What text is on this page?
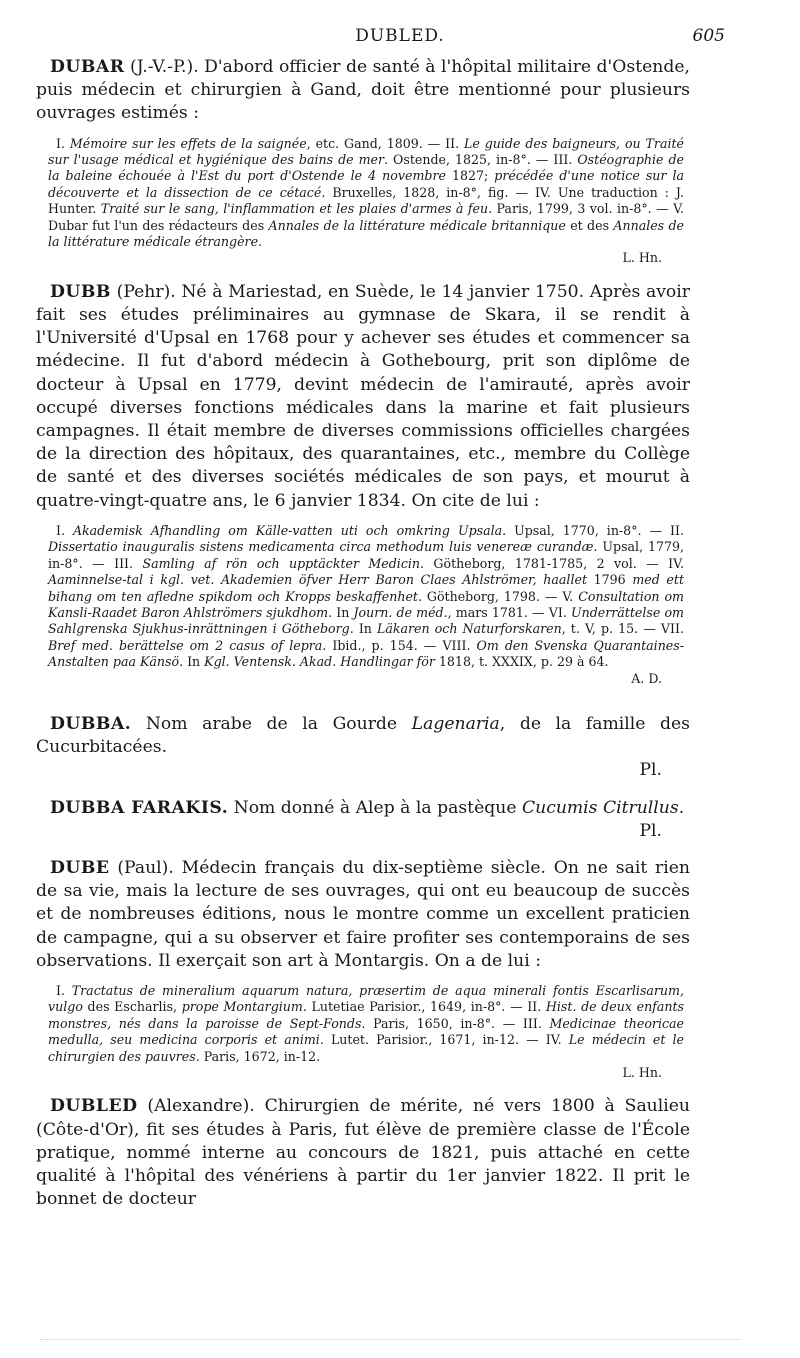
DUBLED.	605

DUBAR (J.-V.-P.). D'abord officier de santé à l'hôpital militaire d'Ostende, puis médecin et chirurgien à Gand, doit être mentionné pour plusieurs ouvrages estimés :

I. Mémoire sur les effets de la saignée, etc. Gand, 1809. — II. Le guide des baigneurs, ou Traité sur l'usage médical et hygiénique des bains de mer. Ostende, 1825, in-8°. — III. Ostéographie de la baleine échouée à l'Est du port d'Ostende le 4 novembre 1827; précédée d'une notice sur la découverte et la dissection de ce cétacé. Bruxelles, 1828, in-8°, fig. — IV. Une traduction : J. Hunter. Traité sur le sang, l'inflammation et les plaies d'armes à feu. Paris, 1799, 3 vol. in-8°. — V. Dubar fut l'un des rédacteurs des Annales de la littérature médicale britannique et des Annales de la littérature médicale étrangère.

L. Hn.

DUBB (Pehr). Né à Mariestad, en Suède, le 14 janvier 1750. Après avoir fait ses études préliminaires au gymnase de Skara, il se rendit à l'Université d'Upsal en 1768 pour y achever ses études et commencer sa médecine. Il fut d'abord médecin à Gothebourg, prit son diplôme de docteur à Upsal en 1779, devint médecin de l'amirauté, après avoir occupé diverses fonctions médicales dans la marine et fait plusieurs campagnes. Il était membre de diverses commissions officielles chargées de la direction des hôpitaux, des quarantaines, etc., membre du Collège de santé et des diverses sociétés médicales de son pays, et mourut à quatre-vingt-quatre ans, le 6 janvier 1834. On cite de lui :

I. Akademisk Afhandling om Källe-vatten uti och omkring Upsala. Upsal, 1770, in-8°. — II. Dissertatio inauguralis sistens medicamenta circa methodum luis venereæ curandæ. Upsal, 1779, in-8°. — III. Samling af rön och upptäckter Medicin. Götheborg, 1781-1785, 2 vol. — IV. Aaminnelse-tal i kgl. vet. Akademien öfver Herr Baron Claes Ahlströmer, haallet 1796 med ett bihang om ten afledne spikdom och Kropps beskaffenhet. Götheborg, 1798. — V. Consultation om Kansli-Raadet Baron Ahlströmers sjukdhom. In Journ. de méd., mars 1781. — VI. Underrättelse om Sahlgrenska Sjukhus-inrättningen i Götheborg. In Läkaren och Naturforskaren, t. V, p. 15. — VII. Bref med. berättelse om 2 casus of lepra. Ibid., p. 154. — VIII. Om den Svenska Quarantaines-Anstalten paa Känsö. In Kgl. Ventensk. Akad. Handlingar för 1818, t. XXXIX, p. 29 à 64.

A. D.

DUBBA. Nom arabe de la Gourde Lagenaria, de la famille des Cucurbitacées.

Pl.

DUBBA FARAKIS. Nom donné à Alep à la pastèque Cucumis Citrullus.

Pl.

DUBE (Paul). Médecin français du dix-septième siècle. On ne sait rien de sa vie, mais la lecture de ses ouvrages, qui ont eu beaucoup de succès et de nombreuses éditions, nous le montre comme un excellent praticien de campagne, qui a su observer et faire profiter ses contemporains de ses observations. Il exerçait son art à Montargis. On a de lui :

I. Tractatus de mineralium aquarum natura, præsertim de aqua minerali fontis Escarlisarum, vulgo des Escharlis, prope Montargium. Lutetiae Parisior., 1649, in-8°. — II. Hist. de deux enfants monstres, nés dans la paroisse de Sept-Fonds. Paris, 1650, in-8°. — III. Medicinae theoricae medulla, seu medicina corporis et animi. Lutet. Parisior., 1671, in-12. — IV. Le médecin et le chirurgien des pauvres. Paris, 1672, in-12.

L. Hn.

DUBLED (Alexandre). Chirurgien de mérite, né vers 1800 à Saulieu (Côte-d'Or), fit ses études à Paris, fut élève de première classe de l'École pratique, nommé interne au concours de 1821, puis attaché en cette qualité à l'hôpital des vénériens à partir du 1er janvier 1822. Il prit le bonnet de docteur
